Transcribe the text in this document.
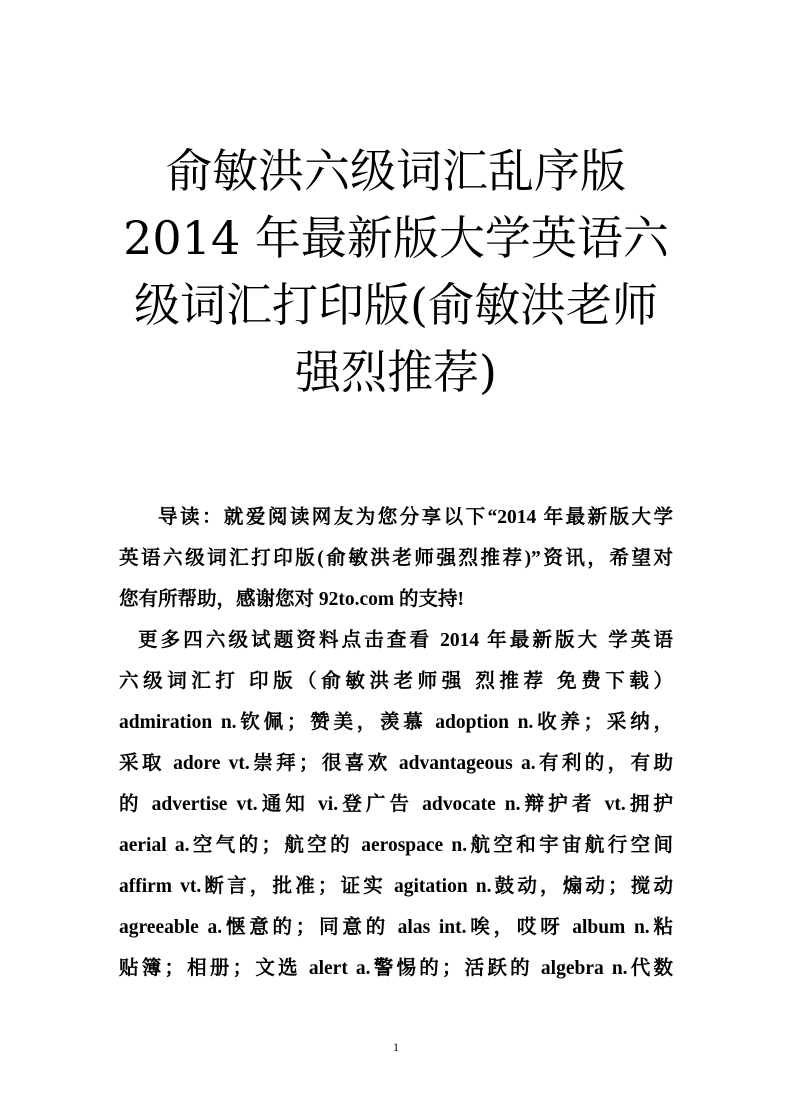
俞敏洪六级词汇乱序版
2014 年最新版大学英语六
级词汇打印版(俞敏洪老师
强烈推荐)

导读：就爱阅读网友为您分享以下“2014 年最新版大学
英语六级词汇打印版(俞敏洪老师强烈推荐)”资讯，希望对
您有所帮助，感谢您对 92to.com 的支持!

更多四六级试题资料点击查看 2014 年最新版大 学英语
六级词汇打 印版（俞敏洪老师强 烈推荐 免费下载）
admiration n.钦佩；赞美，羡慕 adoption n.收养；采纳，
采取 adore vt.崇拜；很喜欢 advantageous a.有利的，有助
的 advertise vt.通知 vi.登广告 advocate n.辩护者 vt.拥护
aerial a.空气的；航空的 aerospace n.航空和宇宙航行空间
affirm vt.断言，批准；证实 agitation n.鼓动，煽动；搅动
agreeable a.惬意的；同意的 alas int.唉，哎呀 album n.粘
贴簿；相册；文选 alert a.警惕的；活跃的 algebra n.代数

1
